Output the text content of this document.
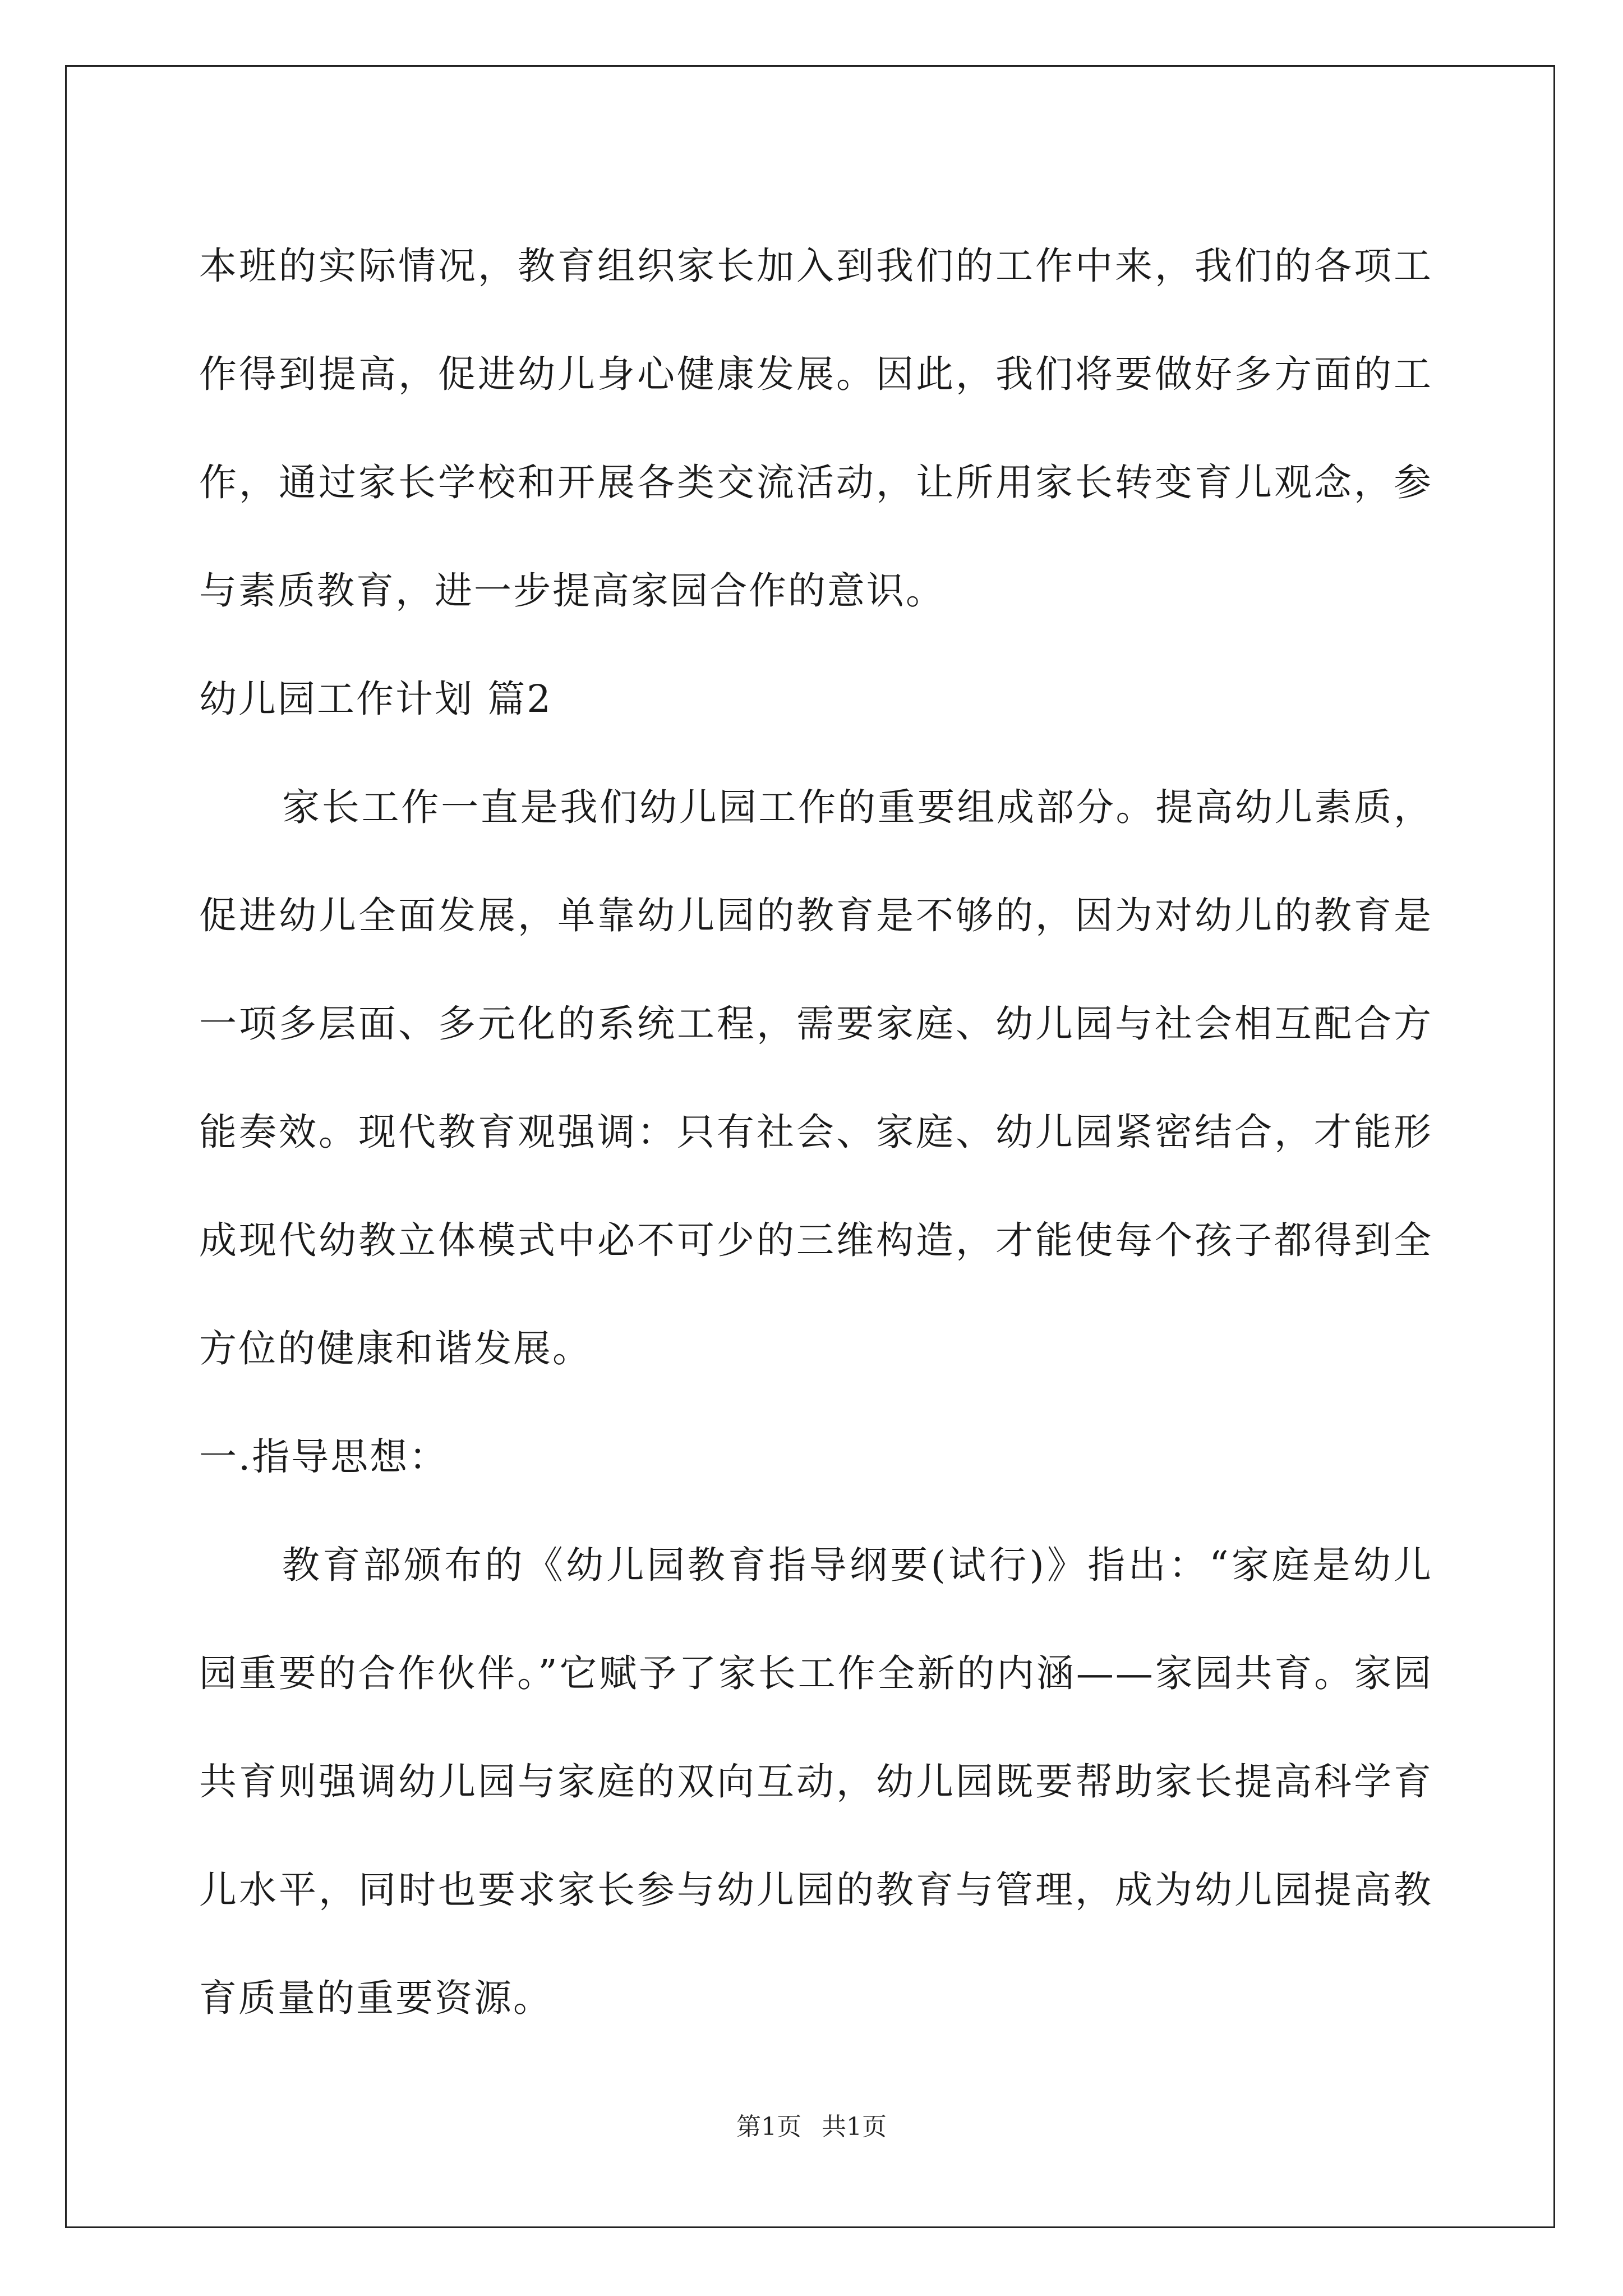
本班的实际情况，教育组织家长加入到我们的工作中来，我们的各项工作得到提高，促进幼儿身心健康发展。因此，我们将要做好多方面的工作，通过家长学校和开展各类交流活动，让所用家长转变育儿观念，参与素质教育，进一步提高家园合作的意识。

幼儿园工作计划 篇2

家长工作一直是我们幼儿园工作的重要组成部分。提高幼儿素质，促进幼儿全面发展，单靠幼儿园的教育是不够的，因为对幼儿的教育是一项多层面、多元化的系统工程，需要家庭、幼儿园与社会相互配合方能奏效。现代教育观强调：只有社会、家庭、幼儿园紧密结合，才能形成现代幼教立体模式中必不可少的三维构造，才能使每个孩子都得到全方位的健康和谐发展。

一.指导思想：

教育部颁布的《幼儿园教育指导纲要(试行)》指出：“家庭是幼儿园重要的合作伙伴。”它赋予了家长工作全新的内涵——家园共育。家园共育则强调幼儿园与家庭的双向互动，幼儿园既要帮助家长提高科学育儿水平，同时也要求家长参与幼儿园的教育与管理，成为幼儿园提高教育质量的重要资源。

第1页 共1页
